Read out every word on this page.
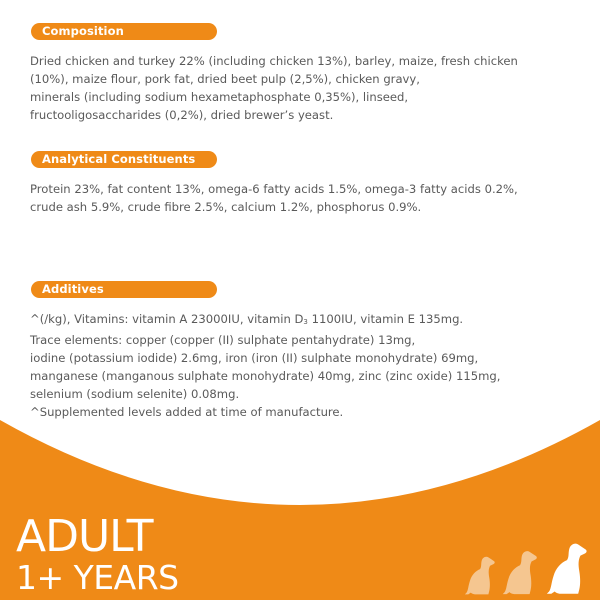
Composition
Dried chicken and turkey 22% (including chicken 13%), barley, maize, fresh chicken
(10%), maize flour, pork fat, dried beet pulp (2,5%), chicken gravy,
minerals (including sodium hexametaphosphate 0,35%), linseed,
fructooligosaccharides (0,2%), dried brewer’s yeast.
Analytical Constituents
Protein 23%, fat content 13%, omega-6 fatty acids 1.5%, omega-3 fatty acids 0.2%,
crude ash 5.9%, crude fibre 2.5%, calcium 1.2%, phosphorus 0.9%.
Additives
^(/kg), Vitamins: vitamin A 23000IU, vitamin D3 1100IU, vitamin E 135mg.
Trace elements: copper (copper (II) sulphate pentahydrate) 13mg,
iodine (potassium iodide) 2.6mg, iron (iron (II) sulphate monohydrate) 69mg,
manganese (manganous sulphate monohydrate) 40mg, zinc (zinc oxide) 115mg,
selenium (sodium selenite) 0.08mg.
^Supplemented levels added at time of manufacture.
ADULT
1+ YEARS
